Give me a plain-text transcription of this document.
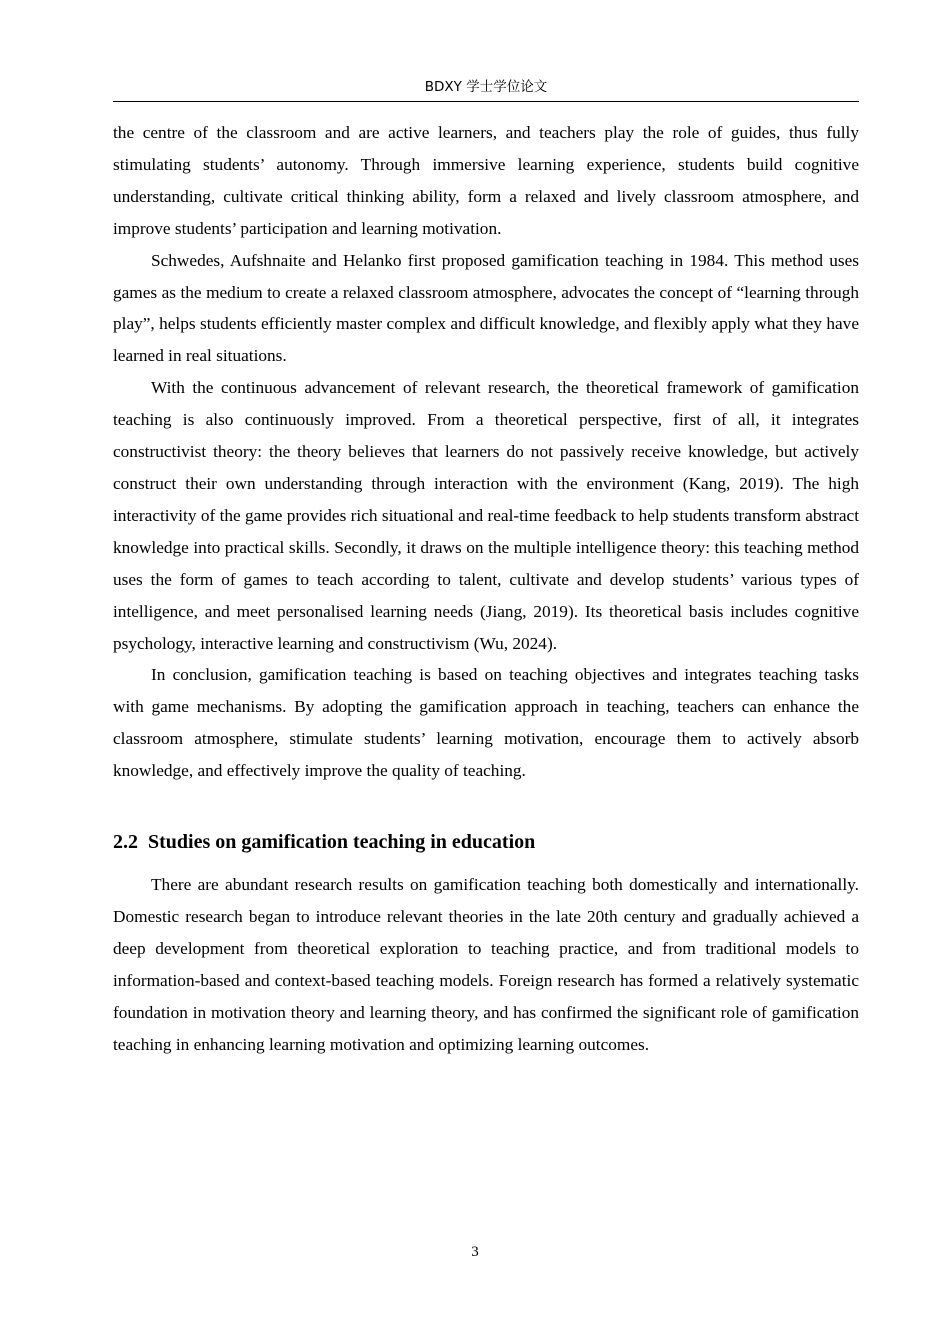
BDXY 学士学位论文

the centre of the classroom and are active learners, and teachers play the role of guides, thus fully stimulating students’ autonomy. Through immersive learning experience, students build cognitive understanding, cultivate critical thinking ability, form a relaxed and lively classroom atmosphere, and improve students’ participation and learning motivation.

Schwedes, Aufshnaite and Helanko first proposed gamification teaching in 1984. This method uses games as the medium to create a relaxed classroom atmosphere, advocates the concept of “learning through play”, helps students efficiently master complex and difficult knowledge, and flexibly apply what they have learned in real situations.

With the continuous advancement of relevant research, the theoretical framework of gamification teaching is also continuously improved. From a theoretical perspective, first of all, it integrates constructivist theory: the theory believes that learners do not passively receive knowledge, but actively construct their own understanding through interaction with the environment (Kang, 2019). The high interactivity of the game provides rich situational and real-time feedback to help students transform abstract knowledge into practical skills. Secondly, it draws on the multiple intelligence theory: this teaching method uses the form of games to teach according to talent, cultivate and develop students’ various types of intelligence, and meet personalised learning needs (Jiang, 2019). Its theoretical basis includes cognitive psychology, interactive learning and constructivism (Wu, 2024).

In conclusion, gamification teaching is based on teaching objectives and integrates teaching tasks with game mechanisms. By adopting the gamification approach in teaching, teachers can enhance the classroom atmosphere, stimulate students’ learning motivation, encourage them to actively absorb knowledge, and effectively improve the quality of teaching.

2.2 Studies on gamification teaching in education

There are abundant research results on gamification teaching both domestically and internationally. Domestic research began to introduce relevant theories in the late 20th century and gradually achieved a deep development from theoretical exploration to teaching practice, and from traditional models to information-based and context-based teaching models. Foreign research has formed a relatively systematic foundation in motivation theory and learning theory, and has confirmed the significant role of gamification teaching in enhancing learning motivation and optimizing learning outcomes.

3
